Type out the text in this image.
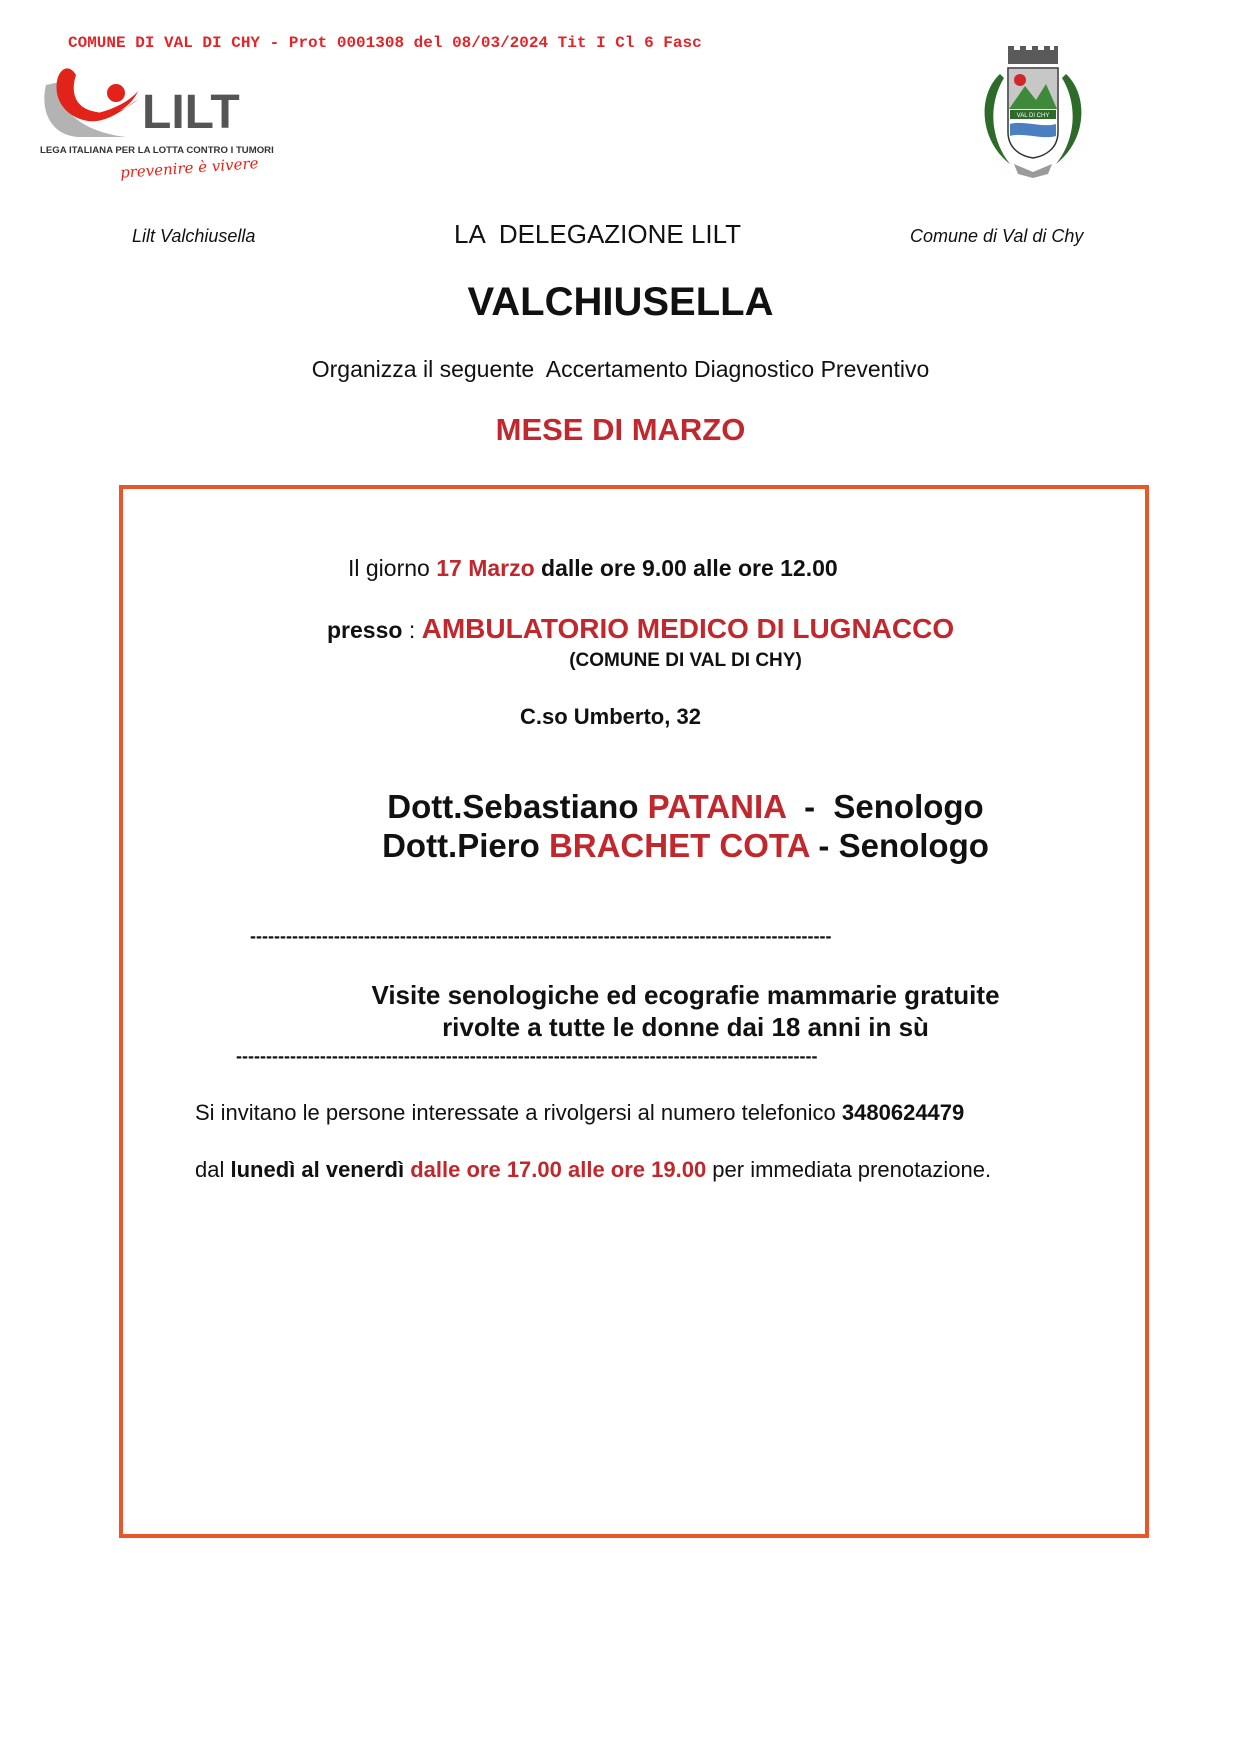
COMUNE DI VAL DI CHY - Prot 0001308 del 08/03/2024 Tit I Cl 6 Fasc
LILT
LEGA ITALIANA PER LA LOTTA CONTRO I TUMORI
prevenire è vivere
VAL DI CHY
Lilt Valchiusella	LA  DELEGAZIONE LILT	Comune di Val di Chy
VALCHIUSELLA
Organizza il seguente  Accertamento Diagnostico Preventivo
MESE DI MARZO
Il giorno 17 Marzo dalle ore 9.00 alle ore 12.00
presso : AMBULATORIO MEDICO DI LUGNACCO
(COMUNE DI VAL DI CHY)
C.so Umberto, 32
Dott.Sebastiano PATANIA  -  Senologo
Dott.Piero BRACHET COTA - Senologo
-------------------------------------------------------------------------------------------------
Visite senologiche ed ecografie mammarie gratuite
rivolte a tutte le donne dai 18 anni in sù
-------------------------------------------------------------------------------------------------
Si invitano le persone interessate a rivolgersi al numero telefonico 3480624479
dal lunedì al venerdì dalle ore 17.00 alle ore 19.00 per immediata prenotazione.
